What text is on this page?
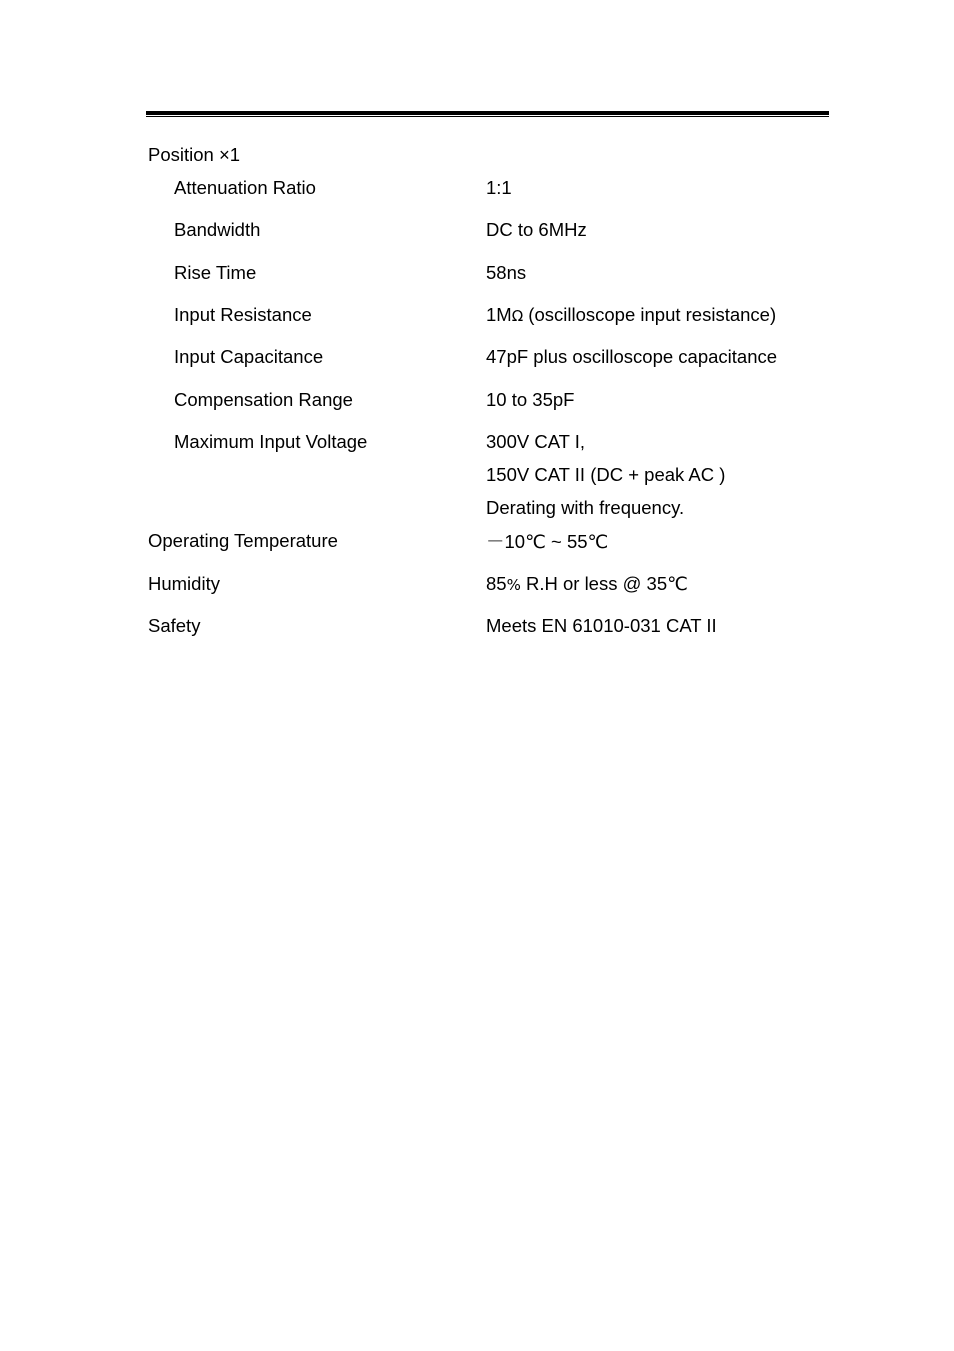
Position ×1
Attenuation Ratio	1:1
Bandwidth	DC to 6MHz
Rise Time	58ns
Input Resistance	1MΩ (oscilloscope input resistance)
Input Capacitance	47pF plus oscilloscope capacitance
Compensation Range	10 to 35pF
Maximum Input Voltage	300V CAT I,
150V CAT II (DC + peak AC )
Derating with frequency.
Operating Temperature	－10℃ ~ 55℃
Humidity	85% R.H or less @ 35℃
Safety	Meets EN 61010-031 CAT II
